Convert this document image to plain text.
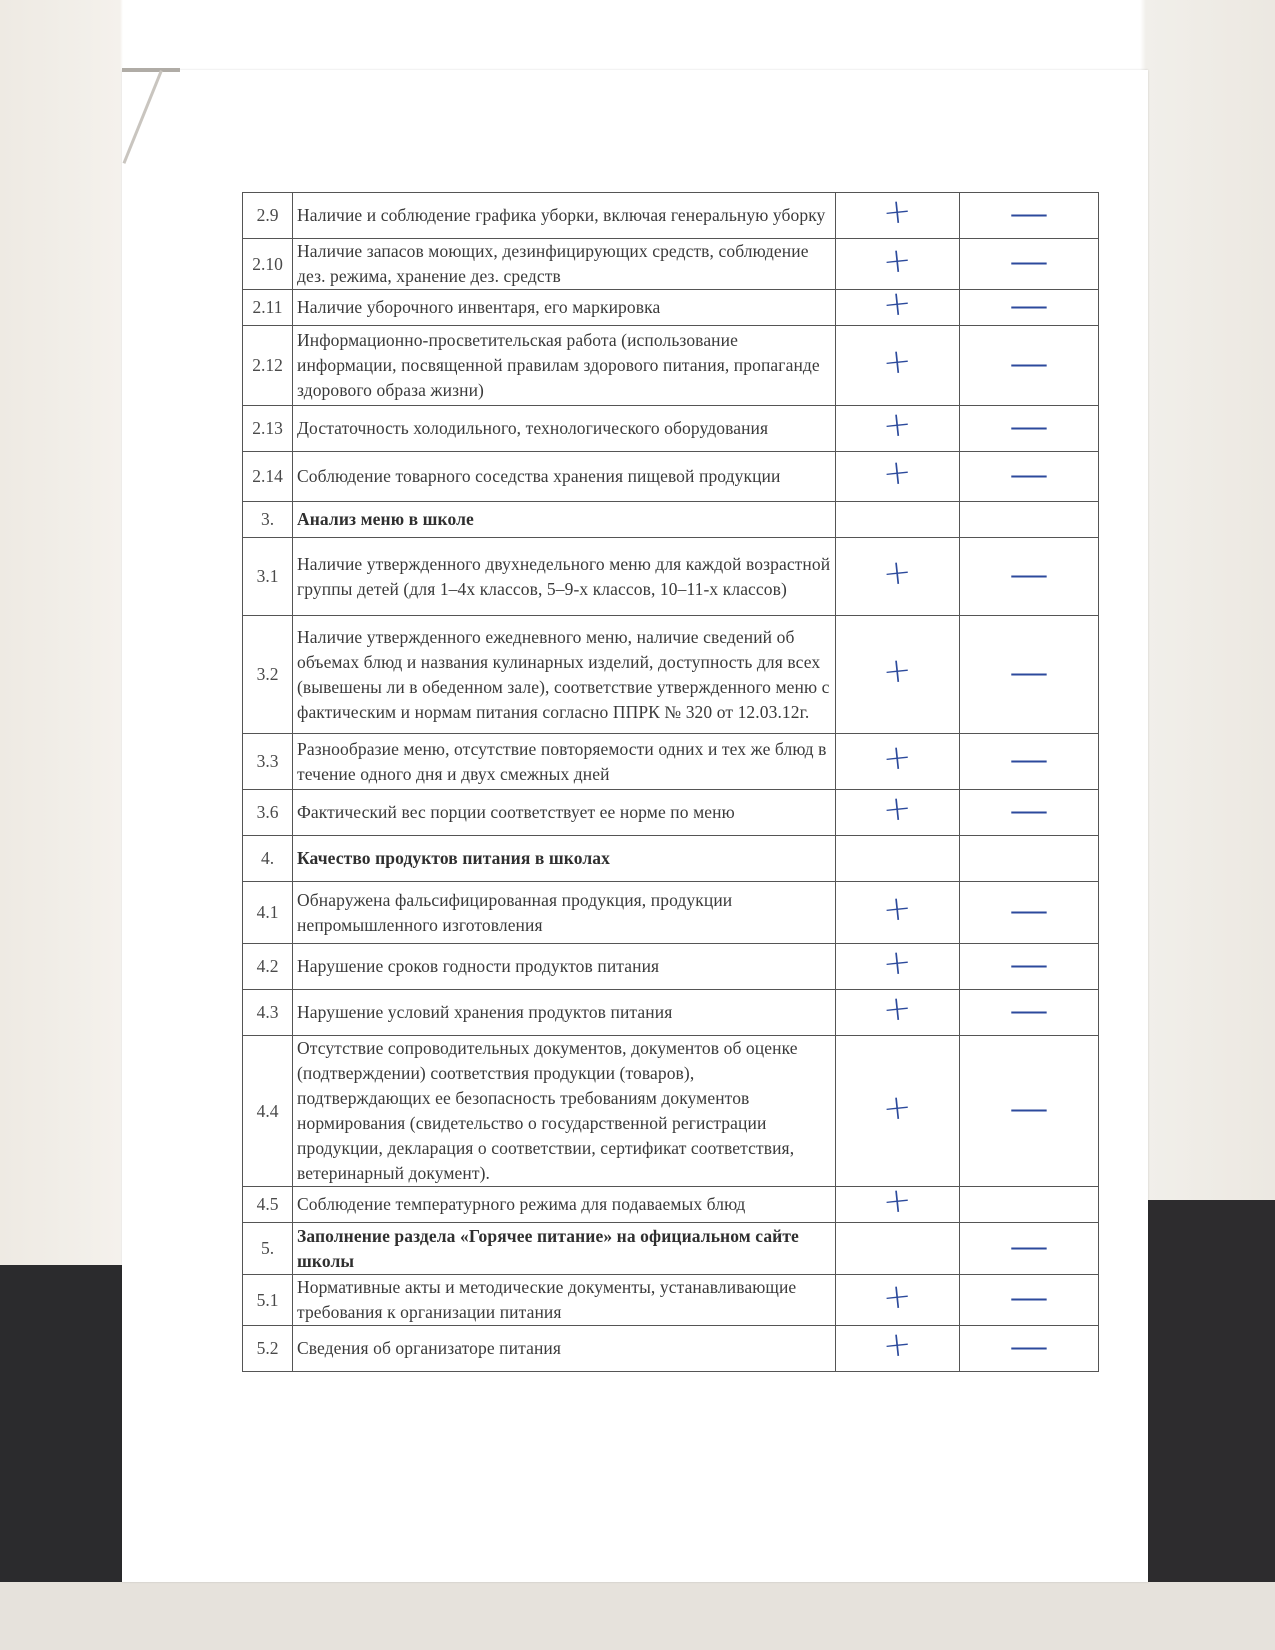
2.9	Наличие и соблюдение графика уборки, включая генеральную уборку	+	—
2.10	Наличие запасов моющих, дезинфицирующих средств, соблюдение дез. режима, хранение дез. средств	+	—
2.11	Наличие уборочного инвентаря, его маркировка	+	—
2.12	Информационно-просветительская работа (использование информации, посвященной правилам здорового питания, пропаганде здорового образа жизни)	+	—
2.13	Достаточность холодильного, технологического оборудования	+	—
2.14	Соблюдение товарного соседства хранения пищевой продукции	+	—
3.	Анализ меню в школе		
3.1	Наличие утвержденного двухнедельного меню для каждой возрастной группы детей (для 1–4х классов, 5–9-х классов, 10–11-х классов)	+	—
3.2	Наличие утвержденного ежедневного меню, наличие сведений об объемах блюд и названия кулинарных изделий, доступность для всех (вывешены ли в обеденном зале), соответствие утвержденного меню с фактическим и нормам питания согласно ППРК № 320 от 12.03.12г.	+	—
3.3	Разнообразие меню, отсутствие повторяемости одних и тех же блюд в течение одного дня и двух смежных дней	+	—
3.6	Фактический вес порции соответствует ее норме по меню	+	—
4.	Качество продуктов питания в школах		
4.1	Обнаружена фальсифицированная продукция, продукции непромышленного изготовления	+	—
4.2	Нарушение сроков годности продуктов питания	+	—
4.3	Нарушение условий хранения продуктов питания	+	—
4.4	Отсутствие сопроводительных документов, документов об оценке (подтверждении) соответствия продукции (товаров), подтверждающих ее безопасность требованиям документов нормирования (свидетельство о государственной регистрации продукции, декларация о соответствии, сертификат соответствия, ветеринарный документ).	+	—
4.5	Соблюдение температурного режима для подаваемых блюд	+	
5.	Заполнение раздела «Горячее питание» на официальном сайте школы		—
5.1	Нормативные акты и методические документы, устанавливающие требования к организации питания	+	—
5.2	Сведения об организаторе питания	+	—
